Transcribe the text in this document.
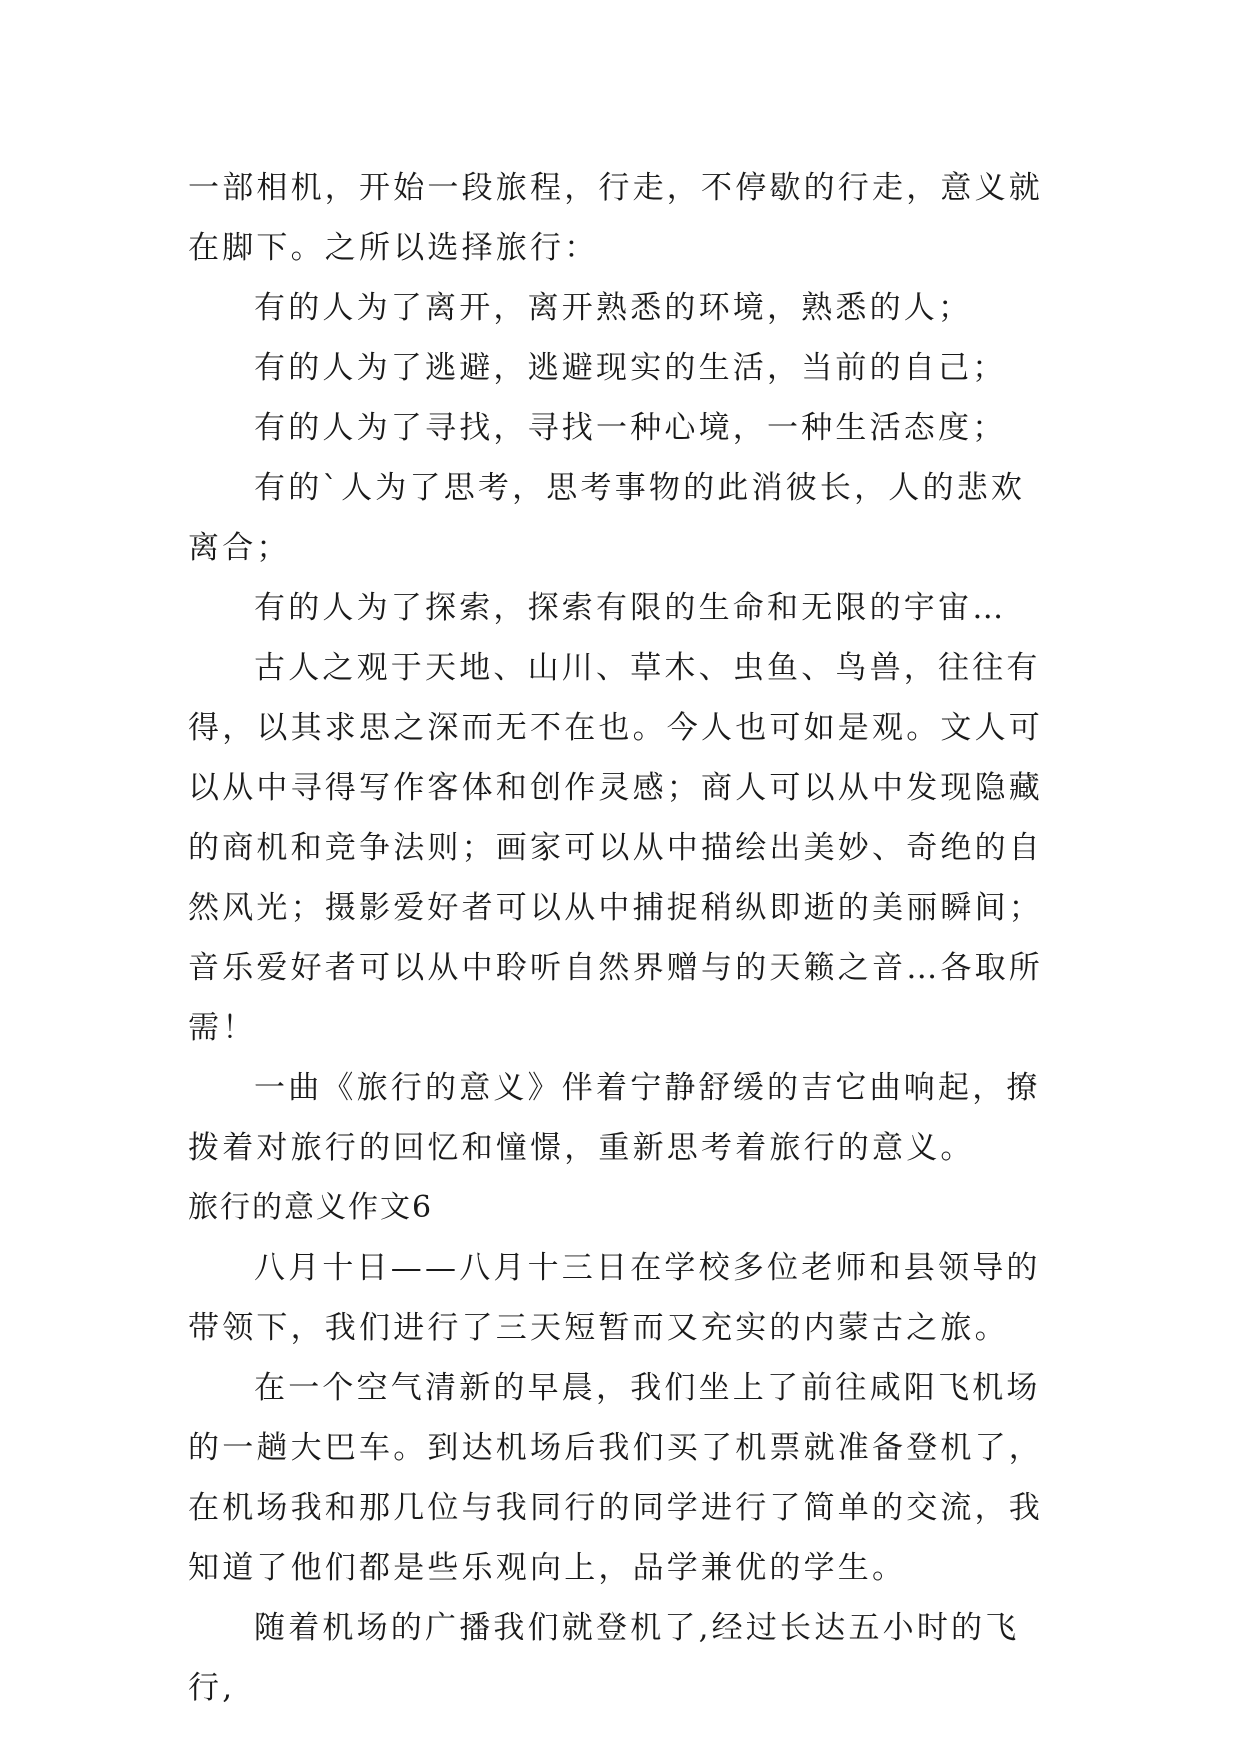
一部相机，开始一段旅程，行走，不停歇的行走，意义就在脚下。之所以选择旅行：

有的人为了离开，离开熟悉的环境，熟悉的人；

有的人为了逃避，逃避现实的生活，当前的自己；

有的人为了寻找，寻找一种心境，一种生活态度；

有的`人为了思考，思考事物的此消彼长，人的悲欢离合；

有的人为了探索，探索有限的生命和无限的宇宙…

古人之观于天地、山川、草木、虫鱼、鸟兽，往往有得，以其求思之深而无不在也。今人也可如是观。文人可以从中寻得写作客体和创作灵感；商人可以从中发现隐藏的商机和竞争法则；画家可以从中描绘出美妙、奇绝的自然风光；摄影爱好者可以从中捕捉稍纵即逝的美丽瞬间；音乐爱好者可以从中聆听自然界赠与的天籁之音…各取所需！

一曲《旅行的意义》伴着宁静舒缓的吉它曲响起，撩拨着对旅行的回忆和憧憬，重新思考着旅行的意义。

旅行的意义作文6

八月十日——八月十三日在学校多位老师和县领导的带领下，我们进行了三天短暂而又充实的内蒙古之旅。

在一个空气清新的早晨，我们坐上了前往咸阳飞机场的一趟大巴车。到达机场后我们买了机票就准备登机了，在机场我和那几位与我同行的同学进行了简单的交流，我知道了他们都是些乐观向上，品学兼优的学生。

随着机场的广播我们就登机了,经过长达五小时的飞行,
